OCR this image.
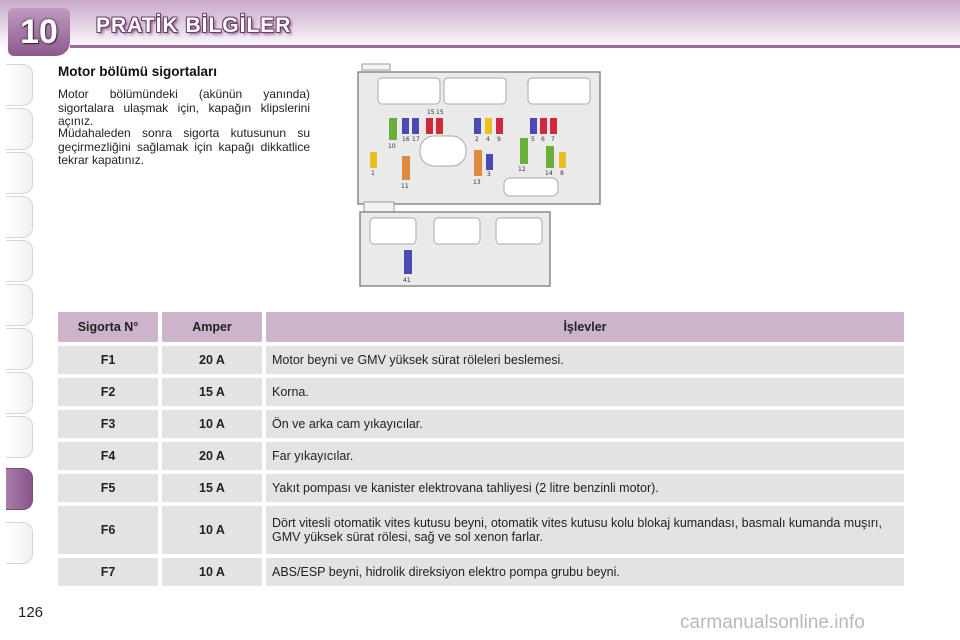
10	PRATİK BİLGİLER
Motor bölümü sigortaları
Motor bölümündeki (akünün yanında) sigortalara ulaşmak için, kapağın klipslerini açınız.
Müdahaleden sonra sigorta kutusunun su geçirmezliğini sağlamak için kapağı dikkatlice tekrar kapatınız.
15 15
16 17
10
2 4 9	5 6 7
1
11
13
3
12
14 8
41
Sigorta N°	Amper	İşlevler
F1	20 A	Motor beyni ve GMV yüksek sürat röleleri beslemesi.
F2	15 A	Korna.
F3	10 A	Ön ve arka cam yıkayıcılar.
F4	20 A	Far yıkayıcılar.
F5	15 A	Yakıt pompası ve kanister elektrovana tahliyesi (2 litre benzinli motor).
F6	10 A	Dört vitesli otomatik vites kutusu beyni, otomatik vites kutusu kolu blokaj kumandası, basmalı kumanda muşırı, GMV yüksek sürat rölesi, sağ ve sol xenon farlar.
F7	10 A	ABS/ESP beyni, hidrolik direksiyon elektro pompa grubu beyni.
126	carmanualsonline.info
